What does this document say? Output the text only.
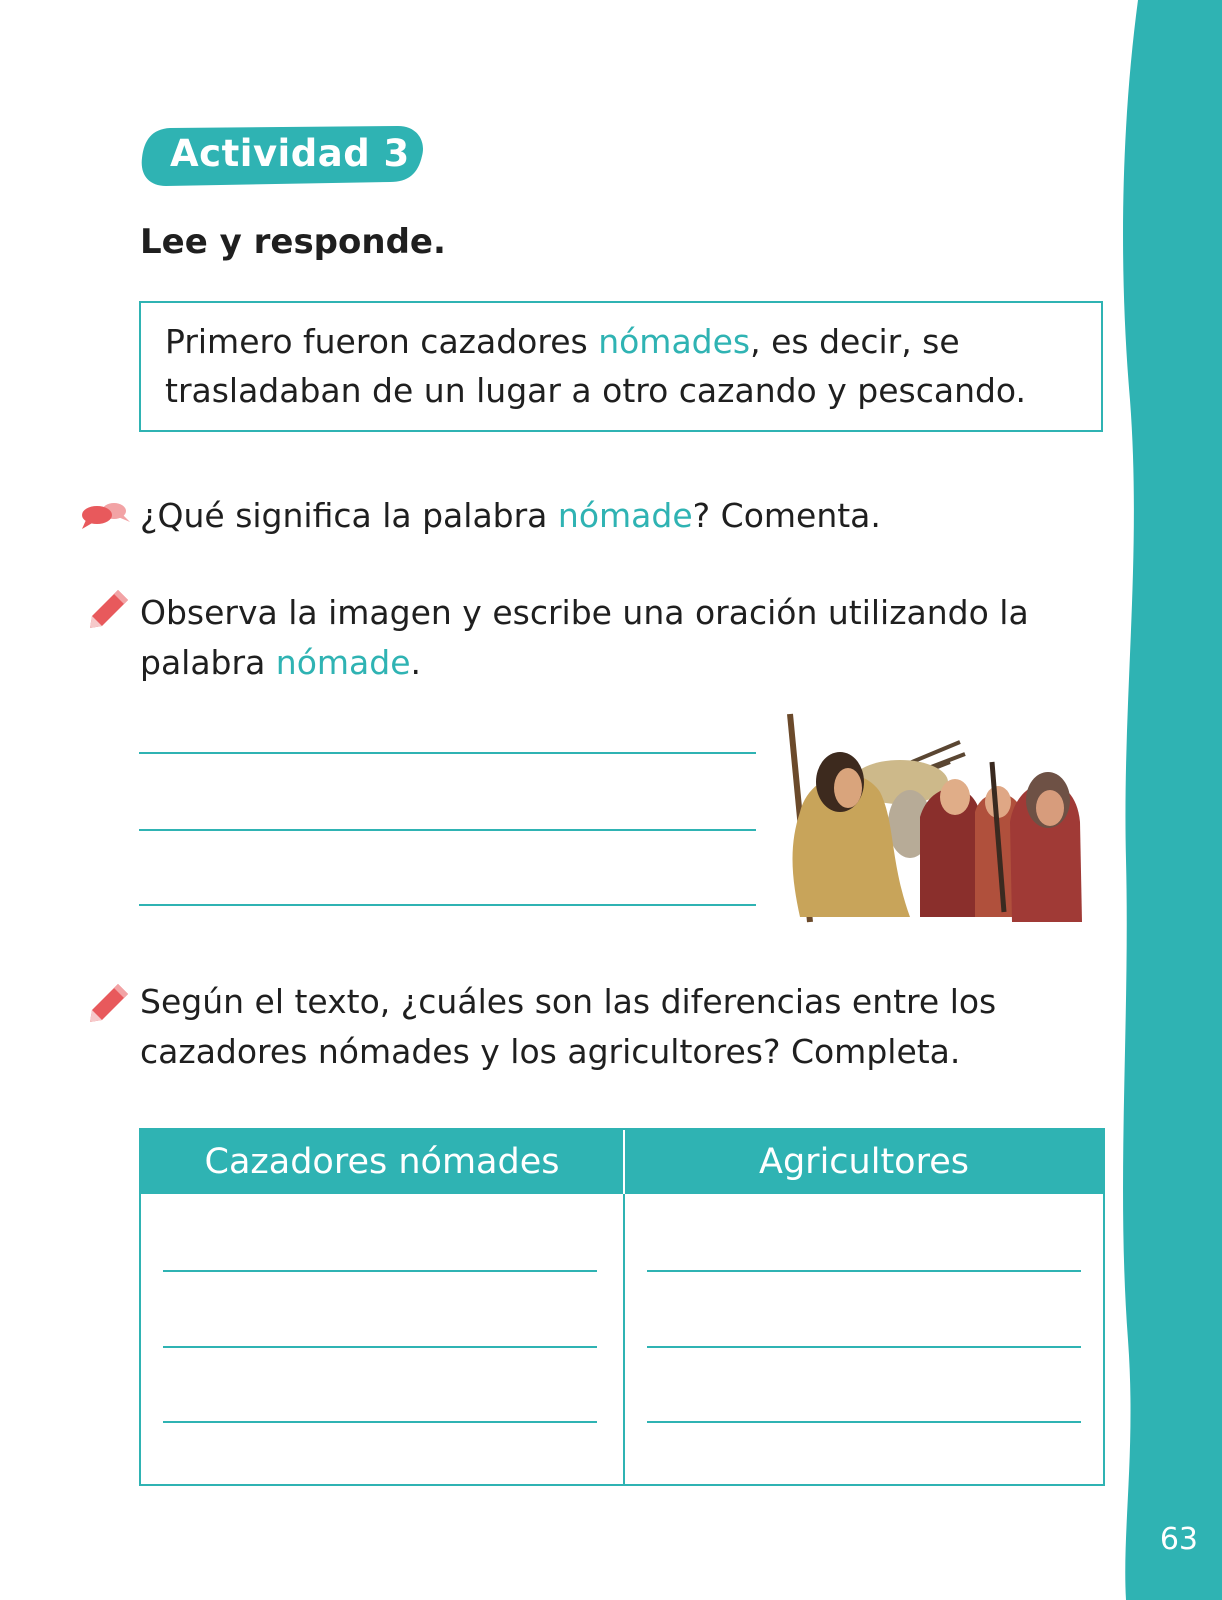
63
Actividad 3

Lee y responde.

Primero fueron cazadores nómades, es decir, se trasladaban de un lugar a otro cazando y pescando.

¿Qué significa la palabra nómade? Comenta.

Observa la imagen y escribe una oración utilizando la palabra nómade.

Según el texto, ¿cuáles son las diferencias entre los cazadores nómades y los agricultores? Completa.

Cazadores nómades	Agricultores
